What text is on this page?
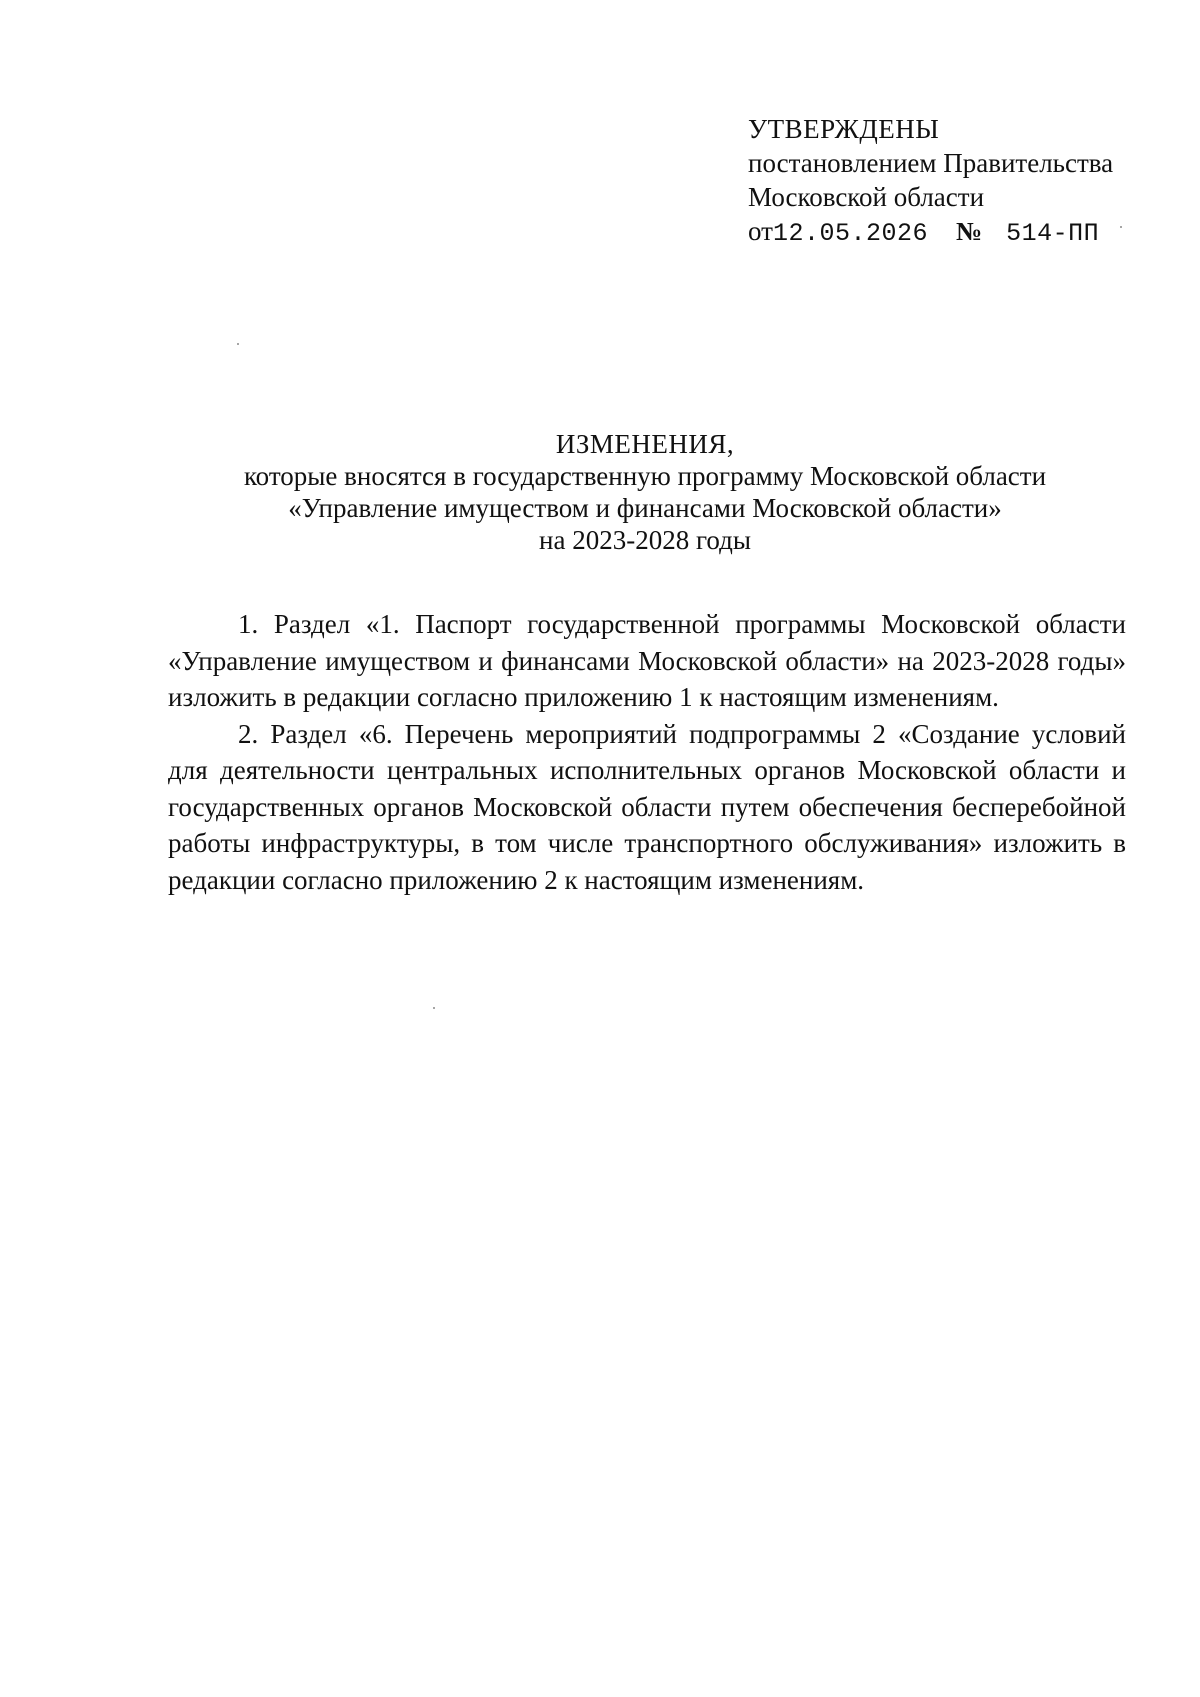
УТВЕРЖДЕНЫ
постановлением Правительства
Московской области
от12.05.2026 № 514-ПП
ИЗМЕНЕНИЯ,
которые вносятся в государственную программу Московской области
«Управление имуществом и финансами Московской области»
на 2023-2028 годы

1. Раздел «1. Паспорт государственной программы Московской области «Управление имуществом и финансами Московской области» на 2023-2028 годы» изложить в редакции согласно приложению 1 к настоящим изменениям.

2. Раздел «6. Перечень мероприятий подпрограммы 2 «Создание условий для деятельности центральных исполнительных органов Московской области и государственных органов Московской области путем обеспечения бесперебойной работы инфраструктуры, в том числе транспортного обслуживания» изложить в редакции согласно приложению 2 к настоящим изменениям.
